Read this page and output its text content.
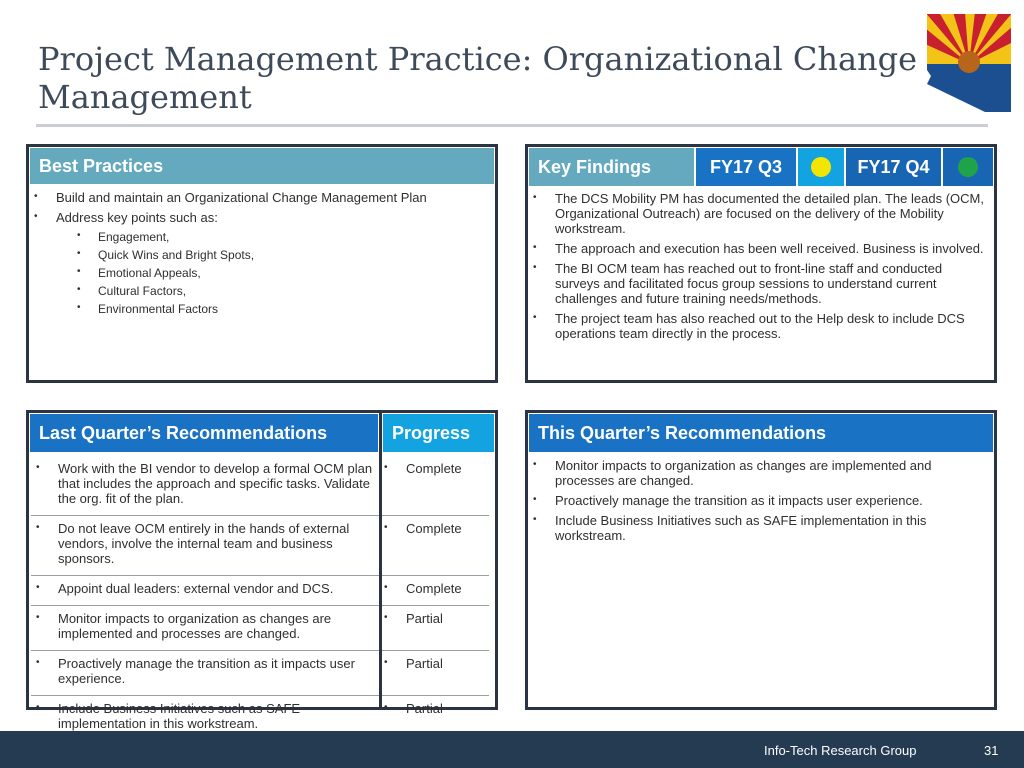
Project Management Practice: Organizational Change Management
Best Practices
• Build and maintain an Organizational Change Management Plan
• Address key points such as:
• Engagement,
• Quick Wins and Bright Spots,
• Emotional Appeals,
• Cultural Factors,
• Environmental Factors
Key Findings	FY17 Q3	FY17 Q4
• The DCS Mobility PM has documented the detailed plan. The leads (OCM, Organizational Outreach) are focused on the delivery of the Mobility workstream.
• The approach and execution has been well received. Business is involved.
• The BI OCM team has reached out to front-line staff and conducted surveys and facilitated focus group sessions to understand current challenges and future training needs/methods.
• The project team has also reached out to the Help desk to include DCS operations team directly in the process.
Last Quarter’s Recommendations	Progress
• Work with the BI vendor to develop a formal OCM plan that includes the approach and specific tasks. Validate the org. fit of the plan.
• Complete
• Do not leave OCM entirely in the hands of external vendors, involve the internal team and business sponsors.
• Complete
• Appoint dual leaders: external vendor and DCS.
•	Complete
• Monitor impacts to organization as changes are implemented and processes are changed.
• Partial
• Proactively manage the transition as it impacts user experience.
• Partial
• Include Business Initiatives such as SAFE implementation in this workstream.
• Partial
This Quarter’s Recommendations
• Monitor impacts to organization as changes are implemented and processes are changed.
• Proactively manage the transition as it impacts user experience.
• Include Business Initiatives such as SAFE implementation in this workstream.
Info-Tech Research Group	31
